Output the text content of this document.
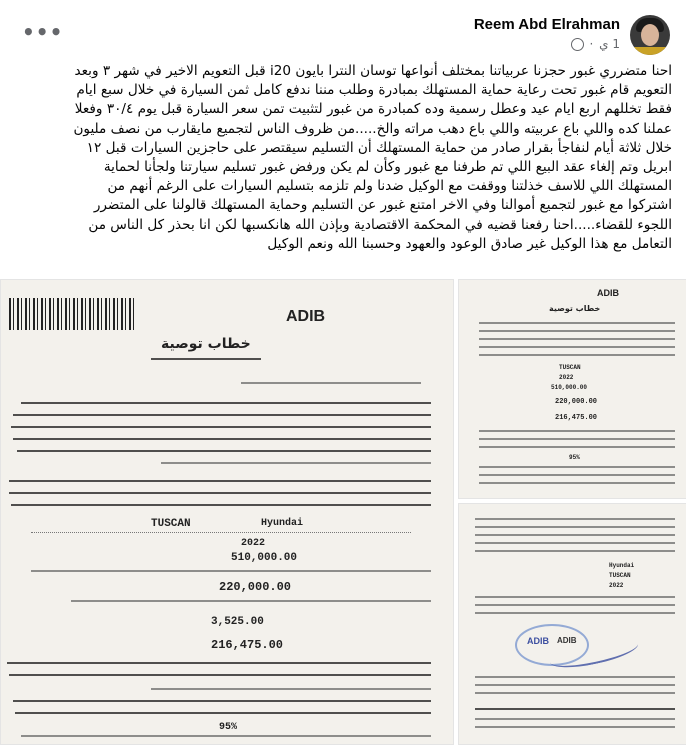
•••	Reem Abd Elrahman
1 ي ·
احنا متضرري غبور حجزنا عربياتنا بمختلف أنواعها توسان النترا بايون i20 قبل التعويم الاخير في شهر ٣ وبعد
التعويم قام غبور تحت رعاية حماية المستهلك بمبادرة وطلب مننا ندفع كامل ثمن السيارة في خلال سبع ايام
فقط تخللهم اربع ايام عيد وعطل رسمية وده كمبادرة من غبور لتثبيت تمن سعر السيارة قبل يوم ٣٠/٤ وفعلا
عملنا كده واللي باع عربيته واللي باع دهب مراته والخ.....من ظروف الناس لتجميع مايقارب من نصف مليون
خلال ثلاثة أيام لنفاجأ بقرار صادر من حماية المستهلك أن التسليم سيقتصر على حاجزين السيارات قبل ١٢
ابريل وتم إلغاء عقد البيع اللي تم طرفنا مع غبور وكأن لم يكن ورفض غبور تسليم سيارتنا ولجأنا لحماية
المستهلك اللي للاسف خذلتنا ووقفت مع الوكيل ضدنا ولم تلزمه بتسليم السيارات على الرغم أنهم من
اشتركوا مع غبور لتجميع أموالنا وفي الاخر امتنع غبور عن التسليم وحماية المستهلك قالولنا على المتضرر
اللجوء للقضاء.....احنا رفعنا قضيه في المحكمة الاقتصادية وبإذن الله هانكسبها لكن انا بحذر كل الناس من
التعامل مع هذا الوكيل غير صادق الوعود والعهود وحسبنا الله ونعم الوكيل
ADIB
خطاب توصية
TUSCAN	Hyundai
2022
510,000.00
220,000.00
3,525.00
216,475.00
95%
ADIB
خطاب توصية
TUSCAN
2022
510,000.00
220,000.00
216,475.00
95%
Hyundai
TUSCAN
2022
ADIB ADIB
